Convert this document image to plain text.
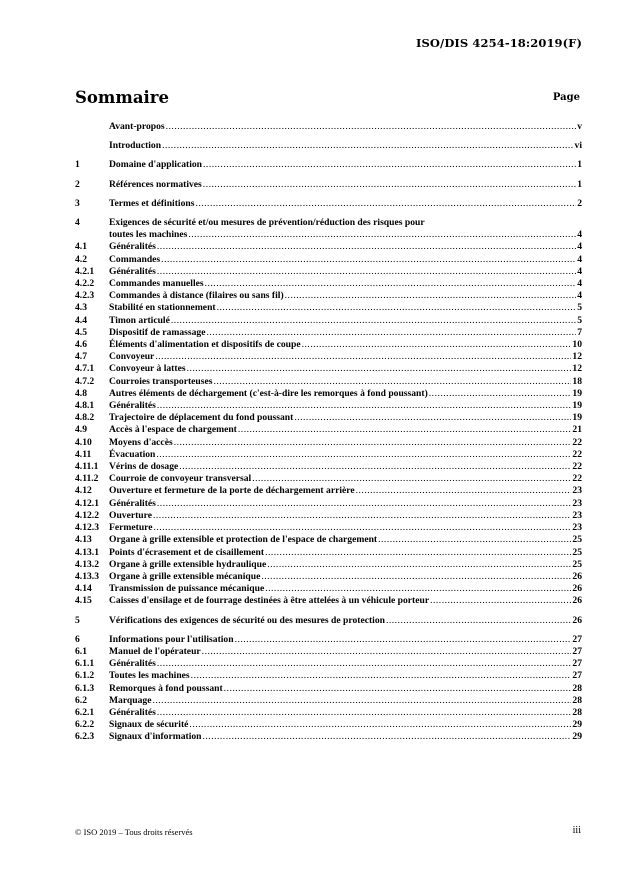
ISO/DIS 4254-18:2019(F)
Sommaire	Page
Avant-propos .....	v
Introduction .....	vi
1	Domaine d'application .....	1
2	Références normatives .....	1
3	Termes et définitions .....	2
4	Exigences de sécurité et/ou mesures de prévention/réduction des risques pour
toutes les machines .....	4
4.1	Généralités .....	4
4.2	Commandes .....	4
4.2.1	Généralités .....	4
4.2.2	Commandes manuelles .....	4
4.2.3	Commandes à distance (filaires ou sans fil) .....	4
4.3	Stabilité en stationnement .....	5
4.4	Timon articulé .....	5
4.5	Dispositif de ramassage .....	7
4.6	Éléments d'alimentation et dispositifs de coupe .....	10
4.7	Convoyeur .....	12
4.7.1	Convoyeur à lattes .....	12
4.7.2	Courroies transporteuses .....	18
4.8	Autres éléments de déchargement (c'est-à-dire les remorques à fond poussant) .....	19
4.8.1	Généralités .....	19
4.8.2	Trajectoire de déplacement du fond poussant .....	19
4.9	Accès à l'espace de chargement .....	21
4.10	Moyens d'accès .....	22
4.11	Évacuation .....	22
4.11.1	Vérins de dosage .....	22
4.11.2	Courroie de convoyeur transversal .....	22
4.12	Ouverture et fermeture de la porte de déchargement arrière .....	23
4.12.1	Généralités .....	23
4.12.2	Ouverture .....	23
4.12.3	Fermeture .....	23
4.13	Organe à grille extensible et protection de l'espace de chargement .....	25
4.13.1	Points d'écrasement et de cisaillement .....	25
4.13.2	Organe à grille extensible hydraulique .....	25
4.13.3	Organe à grille extensible mécanique .....	26
4.14	Transmission de puissance mécanique .....	26
4.15	Caisses d'ensilage et de fourrage destinées à être attelées à un véhicule porteur .....	26
5	Vérifications des exigences de sécurité ou des mesures de protection .....	26
6	Informations pour l'utilisation .....	27
6.1	Manuel de l'opérateur .....	27
6.1.1	Généralités .....	27
6.1.2	Toutes les machines .....	27
6.1.3	Remorques à fond poussant .....	28
6.2	Marquage .....	28
6.2.1	Généralités .....	28
6.2.2	Signaux de sécurité .....	29
6.2.3	Signaux d'information .....	29
© ISO 2019 – Tous droits réservés	iii
